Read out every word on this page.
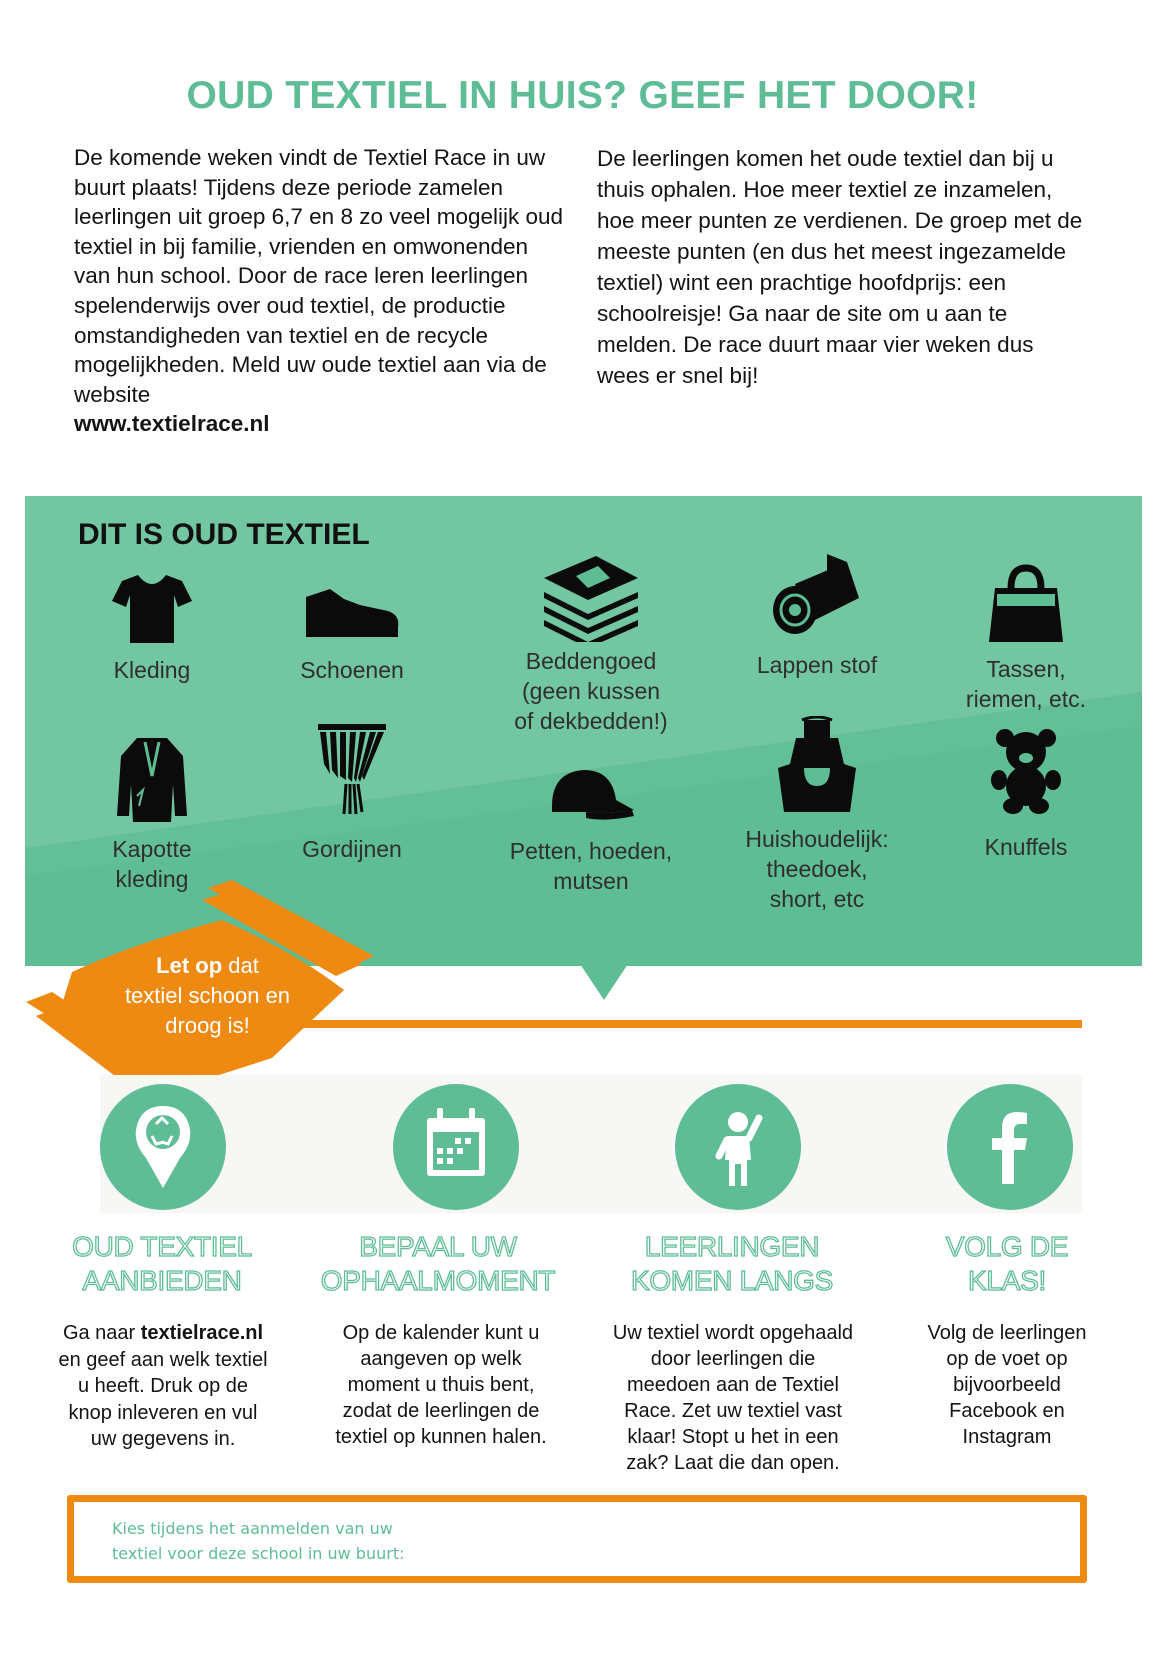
OUD TEXTIEL IN HUIS? GEEF HET DOOR!

De komende weken vindt de Textiel Race in uw buurt plaats! Tijdens deze periode zamelen leerlingen uit groep 6,7 en 8 zo veel mogelijk oud textiel in bij familie, vrienden en omwonenden van hun school. Door de race leren leerlingen spelenderwijs over oud textiel, de productie omstandigheden van textiel en de recycle mogelijkheden. Meld uw oude textiel aan via de website

www.textielrace.nl

De leerlingen komen het oude textiel dan bij u thuis ophalen. Hoe meer textiel ze inzamelen, hoe meer punten ze verdienen. De groep met de meeste punten (en dus het meest ingezamelde textiel) wint een prachtige hoofdprijs: een schoolreisje! Ga naar de site om u aan te melden. De race duurt maar vier weken dus wees er snel bij!

DIT IS OUD TEXTIEL
Kleding	Schoenen	Beddengoed
(geen kussen
of dekbedden!)
Lappen stof	Tassen,
riemen, etc.
Kapotte
kleding
Gordijnen	Petten, hoeden,
mutsen
Huishoudelijk:
theedoek,
short, etc
Knuffels
Let op dat
textiel schoon en
droog is!
OUD TEXTIEL
AANBIEDEN
BEPAAL UW
OPHAALMOMENT
LEERLINGEN
KOMEN LANGS
VOLG DE
KLAS!
Ga naar textielrace.nl
en geef aan welk textiel
u heeft. Druk op de
knop inleveren en vul
uw gegevens in.
Op de kalender kunt u
aangeven op welk
moment u thuis bent,
zodat de leerlingen de
textiel op kunnen halen.
Uw textiel wordt opgehaald
door leerlingen die
meedoen aan de Textiel
Race. Zet uw textiel vast
klaar! Stopt u het in een
zak? Laat die dan open.
Volg de leerlingen
op de voet op
bijvoorbeeld
Facebook en
Instagram
Kies tijdens het aanmelden van uw
textiel voor deze school in uw buurt:
